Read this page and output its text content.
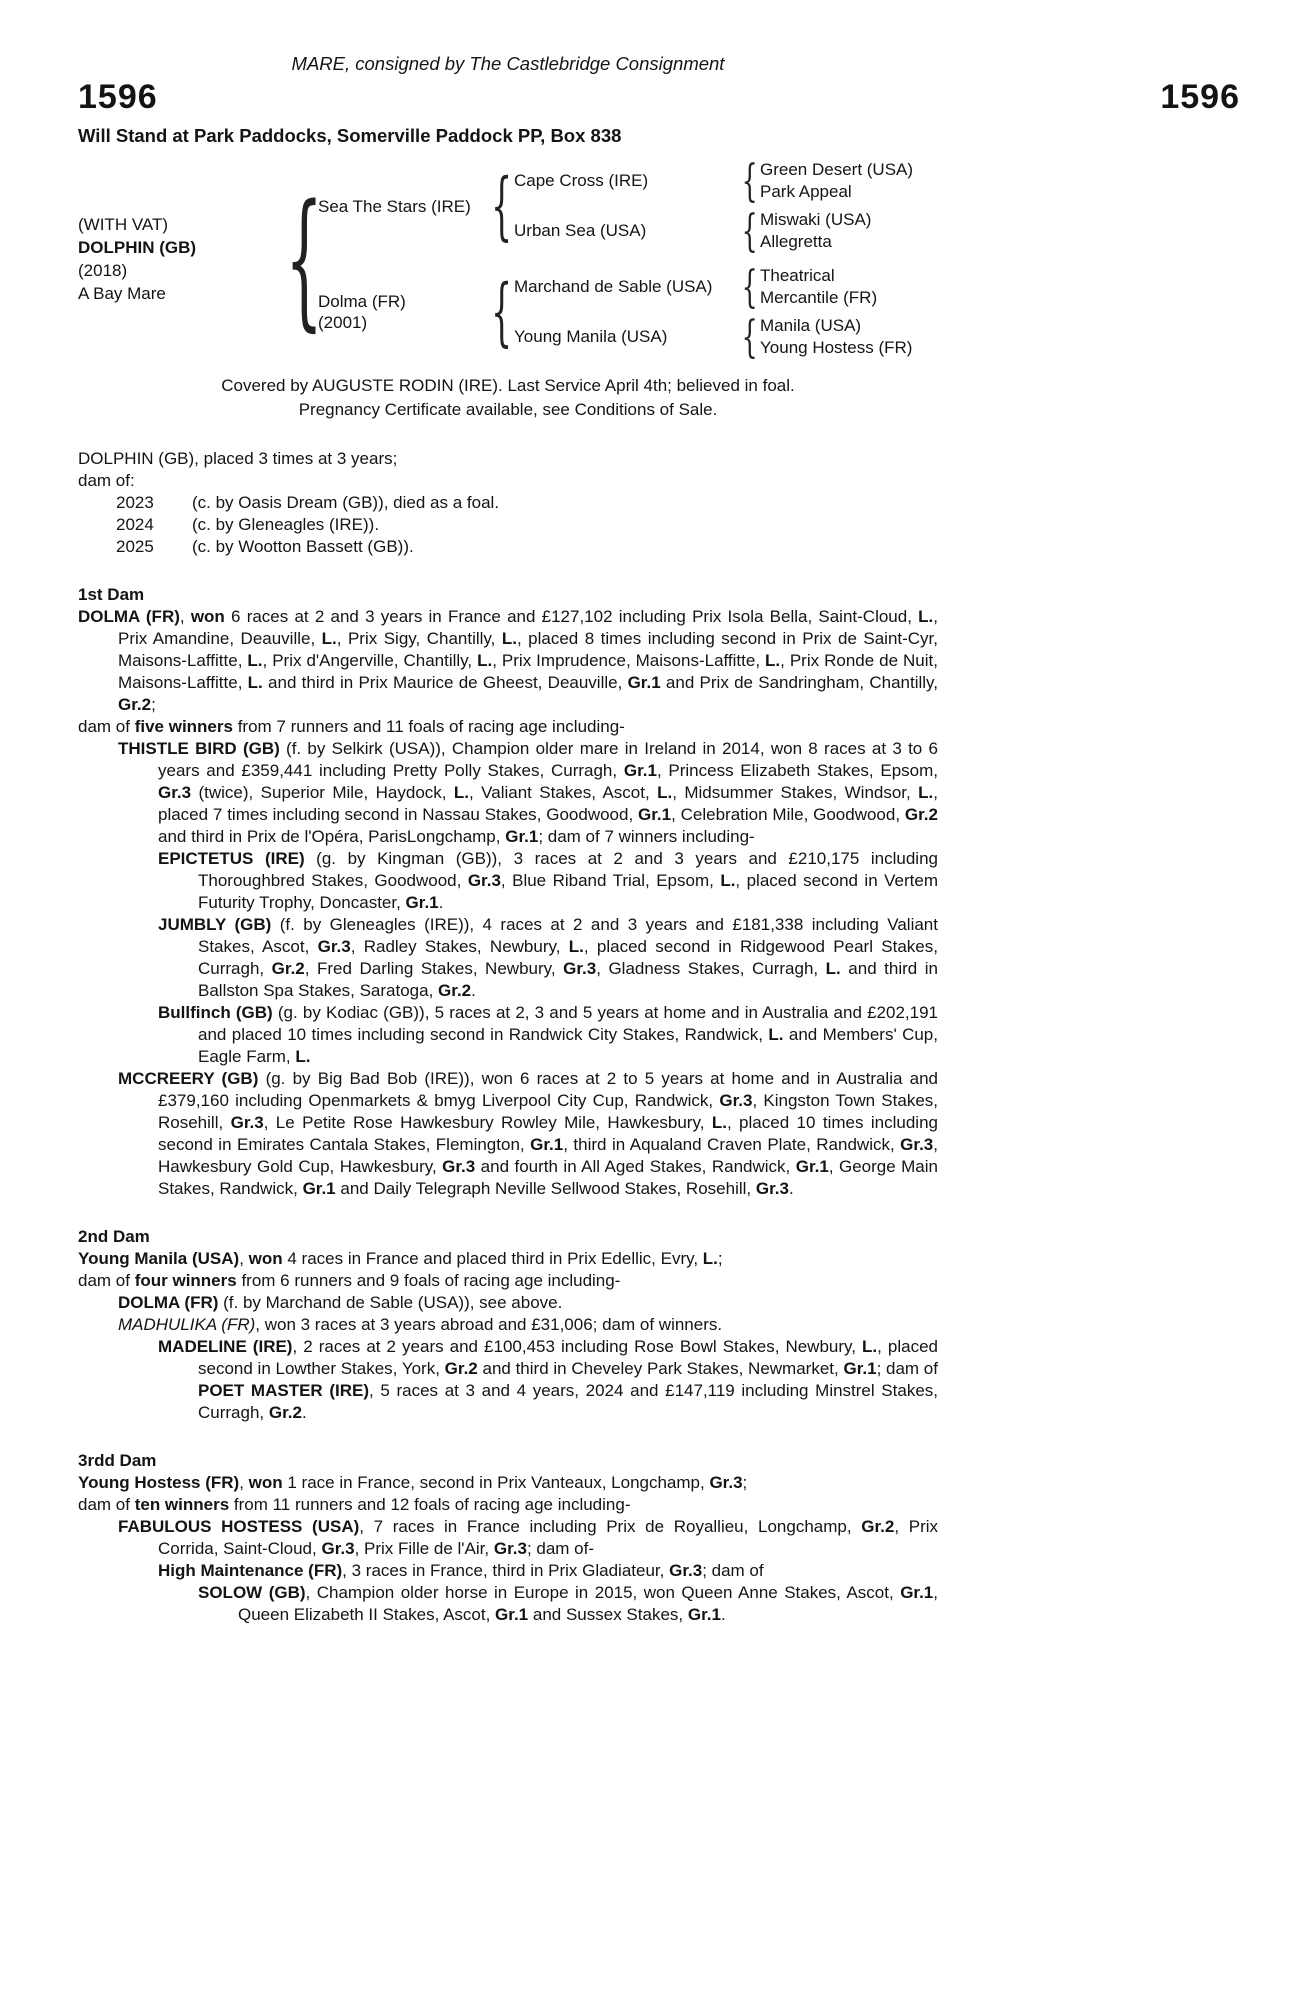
MARE, consigned by The Castlebridge Consignment
1596	1596
Will Stand at Park Paddocks, Somerville Paddock PP, Box 838
(WITH VAT)
DOLPHIN (GB)
(2018)
A Bay Mare
{
Sea The Stars (IRE)
{
Cape Cross (IRE)
{
Green Desert (USA)
Park Appeal
Urban Sea (USA)
{
Miswaki (USA)
Allegretta
Dolma (FR)
(2001)
{
Marchand de Sable (USA)
{
Theatrical
Mercantile (FR)
Young Manila (USA)
{
Manila (USA)
Young Hostess (FR)
Covered by AUGUSTE RODIN (IRE). Last Service April 4th; believed in foal.
Pregnancy Certificate available, see Conditions of Sale.
DOLPHIN (GB), placed 3 times at 3 years;
dam of:
2023	(c. by Oasis Dream (GB)), died as a foal.
2024	(c. by Gleneagles (IRE)).
2025	(c. by Wootton Bassett (GB)).
1st Dam

DOLMA (FR), won 6 races at 2 and 3 years in France and £127,102 including Prix Isola Bella, Saint-Cloud, L., Prix Amandine, Deauville, L., Prix Sigy, Chantilly, L., placed 8 times including second in Prix de Saint-Cyr, Maisons-Laffitte, L., Prix d'Angerville, Chantilly, L., Prix Imprudence, Maisons-Laffitte, L., Prix Ronde de Nuit, Maisons-Laffitte, L. and third in Prix Maurice de Gheest, Deauville, Gr.1 and Prix de Sandringham, Chantilly, Gr.2;

dam of five winners from 7 runners and 11 foals of racing age including-

THISTLE BIRD (GB) (f. by Selkirk (USA)), Champion older mare in Ireland in 2014, won 8 races at 3 to 6 years and £359,441 including Pretty Polly Stakes, Curragh, Gr.1, Princess Elizabeth Stakes, Epsom, Gr.3 (twice), Superior Mile, Haydock, L., Valiant Stakes, Ascot, L., Midsummer Stakes, Windsor, L., placed 7 times including second in Nassau Stakes, Goodwood, Gr.1, Celebration Mile, Goodwood, Gr.2 and third in Prix de l'Opéra, ParisLongchamp, Gr.1; dam of 7 winners including-

EPICTETUS (IRE) (g. by Kingman (GB)), 3 races at 2 and 3 years and £210,175 including Thoroughbred Stakes, Goodwood, Gr.3, Blue Riband Trial, Epsom, L., placed second in Vertem Futurity Trophy, Doncaster, Gr.1.

JUMBLY (GB) (f. by Gleneagles (IRE)), 4 races at 2 and 3 years and £181,338 including Valiant Stakes, Ascot, Gr.3, Radley Stakes, Newbury, L., placed second in Ridgewood Pearl Stakes, Curragh, Gr.2, Fred Darling Stakes, Newbury, Gr.3, Gladness Stakes, Curragh, L. and third in Ballston Spa Stakes, Saratoga, Gr.2.

Bullfinch (GB) (g. by Kodiac (GB)), 5 races at 2, 3 and 5 years at home and in Australia and £202,191 and placed 10 times including second in Randwick City Stakes, Randwick, L. and Members' Cup, Eagle Farm, L.

MCCREERY (GB) (g. by Big Bad Bob (IRE)), won 6 races at 2 to 5 years at home and in Australia and £379,160 including Openmarkets & bmyg Liverpool City Cup, Randwick, Gr.3, Kingston Town Stakes, Rosehill, Gr.3, Le Petite Rose Hawkesbury Rowley Mile, Hawkesbury, L., placed 10 times including second in Emirates Cantala Stakes, Flemington, Gr.1, third in Aqualand Craven Plate, Randwick, Gr.3, Hawkesbury Gold Cup, Hawkesbury, Gr.3 and fourth in All Aged Stakes, Randwick, Gr.1, George Main Stakes, Randwick, Gr.1 and Daily Telegraph Neville Sellwood Stakes, Rosehill, Gr.3.

2nd Dam

Young Manila (USA), won 4 races in France and placed third in Prix Edellic, Evry, L.;

dam of four winners from 6 runners and 9 foals of racing age including-

DOLMA (FR) (f. by Marchand de Sable (USA)), see above.

MADHULIKA (FR), won 3 races at 3 years abroad and £31,006; dam of winners.

MADELINE (IRE), 2 races at 2 years and £100,453 including Rose Bowl Stakes, Newbury, L., placed second in Lowther Stakes, York, Gr.2 and third in Cheveley Park Stakes, Newmarket, Gr.1; dam of POET MASTER (IRE), 5 races at 3 and 4 years, 2024 and £147,119 including Minstrel Stakes, Curragh, Gr.2.

3rdd Dam

Young Hostess (FR), won 1 race in France, second in Prix Vanteaux, Longchamp, Gr.3;

dam of ten winners from 11 runners and 12 foals of racing age including-

FABULOUS HOSTESS (USA), 7 races in France including Prix de Royallieu, Longchamp, Gr.2, Prix Corrida, Saint-Cloud, Gr.3, Prix Fille de l'Air, Gr.3; dam of-

High Maintenance (FR), 3 races in France, third in Prix Gladiateur, Gr.3; dam of

SOLOW (GB), Champion older horse in Europe in 2015, won Queen Anne Stakes, Ascot, Gr.1, Queen Elizabeth II Stakes, Ascot, Gr.1 and Sussex Stakes, Gr.1.
